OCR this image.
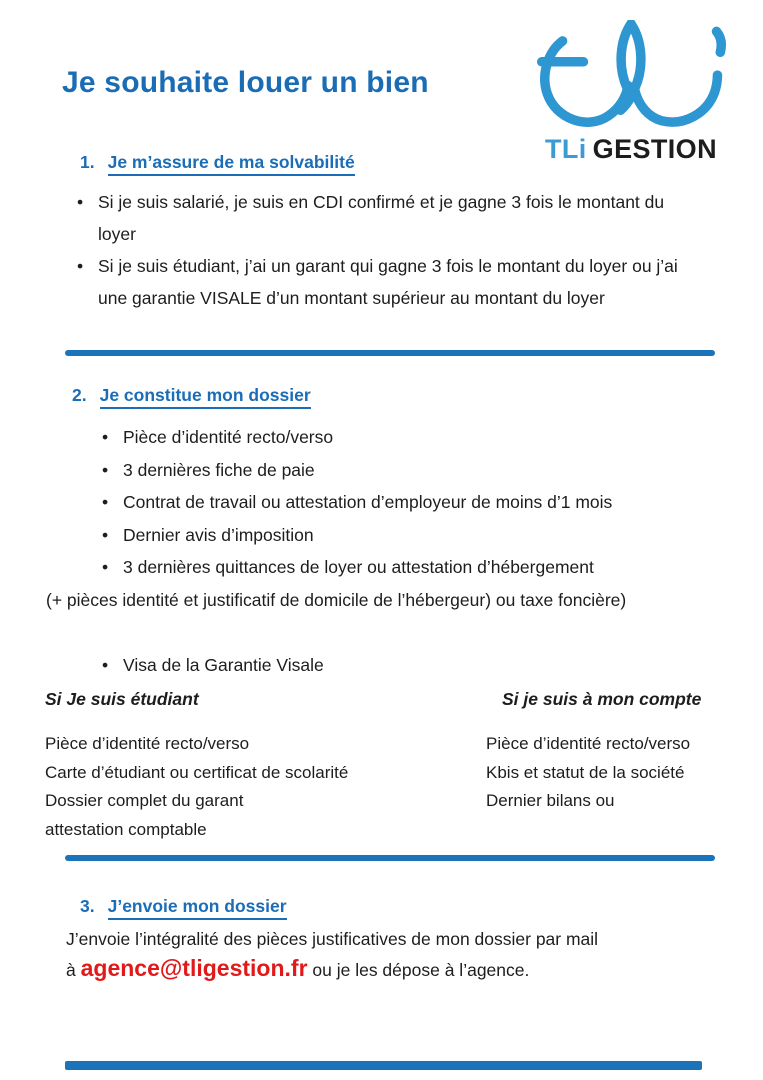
Je souhaite louer un bien
TLi GESTION
1. Je m’assure de ma solvabilité
• Si je suis salarié, je suis en CDI confirmé et je gagne 3 fois le montant du loyer
• Si je suis étudiant, j’ai un garant qui gagne 3 fois le montant du loyer ou j’ai une garantie VISALE d’un montant supérieur au montant du loyer
2. Je constitue mon dossier
• Pièce d’identité recto/verso
• 3 dernières fiche de paie
• Contrat de travail ou attestation d’employeur de moins d’1 mois
• Dernier avis d’imposition
• 3 dernières quittances de loyer ou attestation d’hébergement
(+ pièces identité et justificatif de domicile de l’hébergeur) ou taxe foncière)
• Visa de la Garantie Visale
Si Je suis étudiant	Si je suis à mon compte
Pièce d’identité recto/verso
Carte d’étudiant ou certificat de scolarité
Dossier complet du garant
attestation comptable
Pièce d’identité recto/verso
Kbis et statut de la société
Dernier bilans ou
3. J’envoie mon dossier
J’envoie l’intégralité des pièces justificatives de mon dossier par mail
à agence@tligestion.fr ou je les dépose à l’agence.
